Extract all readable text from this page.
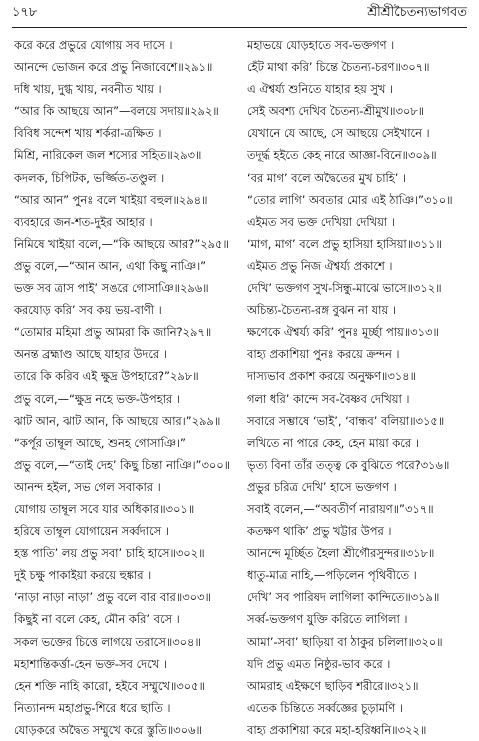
১৭৮	শ্রীশ্রীচৈতন্যভাগবত
করে করে প্রভুরে যোগায় সব দাসে ।
আনন্দে ভোজন করে প্রভু নিজাবেশে॥২৯১॥
দধি খায়, দুগ্ধ খায়, নবনীত খায় ।
“আর কি আছয়ে আন”—বলয়ে সদায়॥২৯২॥
বিবিধ সন্দেশ খায় শর্করা-ত্রক্ষিত ।
মিশ্রি, নারিকেল জল শস্যের সহিত॥২৯৩॥
কদলক, চিপিটক, ভর্জ্জিত-তণ্ডুল ।
“আর আন” পুনঃ বলে খাইয়া বহুল॥২৯৪॥
ব্যবহারে জন-শত-দুইর আহার ।
নিমিষে খাইয়া বলে,—“কি আছয়ে আর?”২৯৫॥
প্রভু বলে,—“আন আন, এথা কিছু নাঞি।”
ভক্ত সব ত্রাস পাই’ সঙরে গোসাঞি॥২৯৬॥
করযোড় করি’ সব কয় ভয়-বাণী ।
“তোমার মহিমা প্রভু আমরা কি জানি?২৯৭॥
অনন্ত ব্রহ্মাণ্ড আছে যাহার উদরে ।
তারে কি করিব এই ক্ষুদ্র উপহারে?”২৯৮॥
প্রভু বলে,—“ক্ষুদ্র নহে ভক্ত-উপহার ।
ঝাট আন, ঝাট আন, কি আছয়ে আর।”২৯৯॥
“কর্পূর তাম্বূল আছে, শুনহ গোসাঞি।”
প্রভু বলে,—“তাই দেহ’ কিছু চিন্তা নাঞি।”৩০০॥
আনন্দ হইল, সভ গেল সবাকার ।
যোগায় তাম্বূল সবে যার অধিকার॥৩০১॥
হরিষে তাম্বূল যোগায়েন সর্ব্বদাসে ।
হস্ত পাতি’ লয় প্রভু সবা’ চাহি হাসে॥৩০২॥
দুই চক্ষু পাকাইয়া করয়ে হুঙ্কার ।
‘নাড়া নাড়া নাড়া’ প্রভু বলে বার বার॥৩০৩॥
কিছুই না বলে কেহ, মৌন করি’ বসে ।
সকল ভক্তের চিত্তে লাগয়ে তরাসে॥৩০৪॥
মহাশান্তিকর্ত্তা-হেন ভক্ত-সব দেখে ।
হেন শক্তি নাহি কারো, হইবে সম্মুখে॥৩০৫॥
নিত্যানন্দ মহাপ্রভু-শিরে ধরে ছাতি ।
যোড়করে অদ্বৈত সম্মুখে করে স্তুতি॥৩০৬॥
মহাভয়ে যোড়হাতে সব-ভক্তগণ ।
হেঁট মাথা করি’ চিন্তে চৈতন্য-চরণ॥৩০৭॥
এ ঐশ্বর্য্য শুনিতে যাহার হয় সুখ ।
সেই অবশ্য দেখিব চৈতন্য-শ্রীমুখ॥৩০৮॥
যেখানে যে আছে, সে আছয়ে সেইখানে ।
তদূর্দ্ধ হইতে কেহ নারে আজ্ঞা-বিনে॥৩০৯॥
‘বর মাগ’ বলে অদ্বৈতের মুখ চাহি’ ।
“তোর লাগি’ অবতার মোর এই ঠাঞি।”৩১০॥
এইমত সব ভক্ত দেখিয়া দেখিয়া ।
‘মাগ, মাগ’ বলে প্রভু হাসিয়া হাসিয়া॥৩১১॥
এইমত প্রভু নিজ ঐশ্বর্য্য প্রকাশে ।
দেখি’ ভক্তগণ সুখ-সিন্ধু-মাঝে ভাসে॥৩১২॥
অচিন্ত্য-চৈতন্য-রঙ্গ বুঝন না যায় ।
ক্ষণেকে ঐশ্বর্য্য করি’ পুনঃ মূর্চ্ছা পায়॥৩১৩॥
বাহ্য প্রকাশিয়া পুনঃ করয়ে ক্রন্দন ।
দাস্যভাব প্রকাশ করয়ে অনুক্ষণ॥৩১৪॥
গলা ধরি’ কান্দে সব-বৈষ্ণব দেখিয়া ।
সবারে সম্ভাষে ‘ভাই’, ‘বান্ধব’ বলিয়া॥৩১৫॥
লখিতে না পারে কেহ, হেন মায়া করে ।
ভৃত্য বিনা তাঁর তত্ত্ব কে বুঝিতে পরে?৩১৬॥
প্রভুর চরিত্র দেখি’ হাসে ভক্তগণ ।
সবাই বলেন,—“অবতীর্ণ নারায়ণ॥”৩১৭॥
কতক্ষণ থাকি’ প্রভু খট্টার উপর ।
আনন্দে মূর্চ্ছিত হৈলা শ্রীগৌরসুন্দর॥৩১৮॥
ধাতু-মাত্র নাহি,—পড়িলেন পৃথিবীতে ।
দেখি’ সব পারিষদ লাগিলা কান্দিতে॥৩১৯॥
সর্ব্ব-ভক্তগণ যুক্তি করিতে লাগিলা ।
আমা’-সবা’ ছাড়িয়া বা ঠাকুর চলিলা॥৩২০॥
যদি প্রভু এমত নিষ্ঠুর-ভাব করে ।
আমরাহ এইক্ষণে ছাড়িব শরীরে॥৩২১॥
এতেক চিন্তিতে সর্ব্বজ্ঞের চূড়ামণি ।
বাহ্য প্রকাশিয়া করে মহা-হরিধ্বনি॥৩২২॥
